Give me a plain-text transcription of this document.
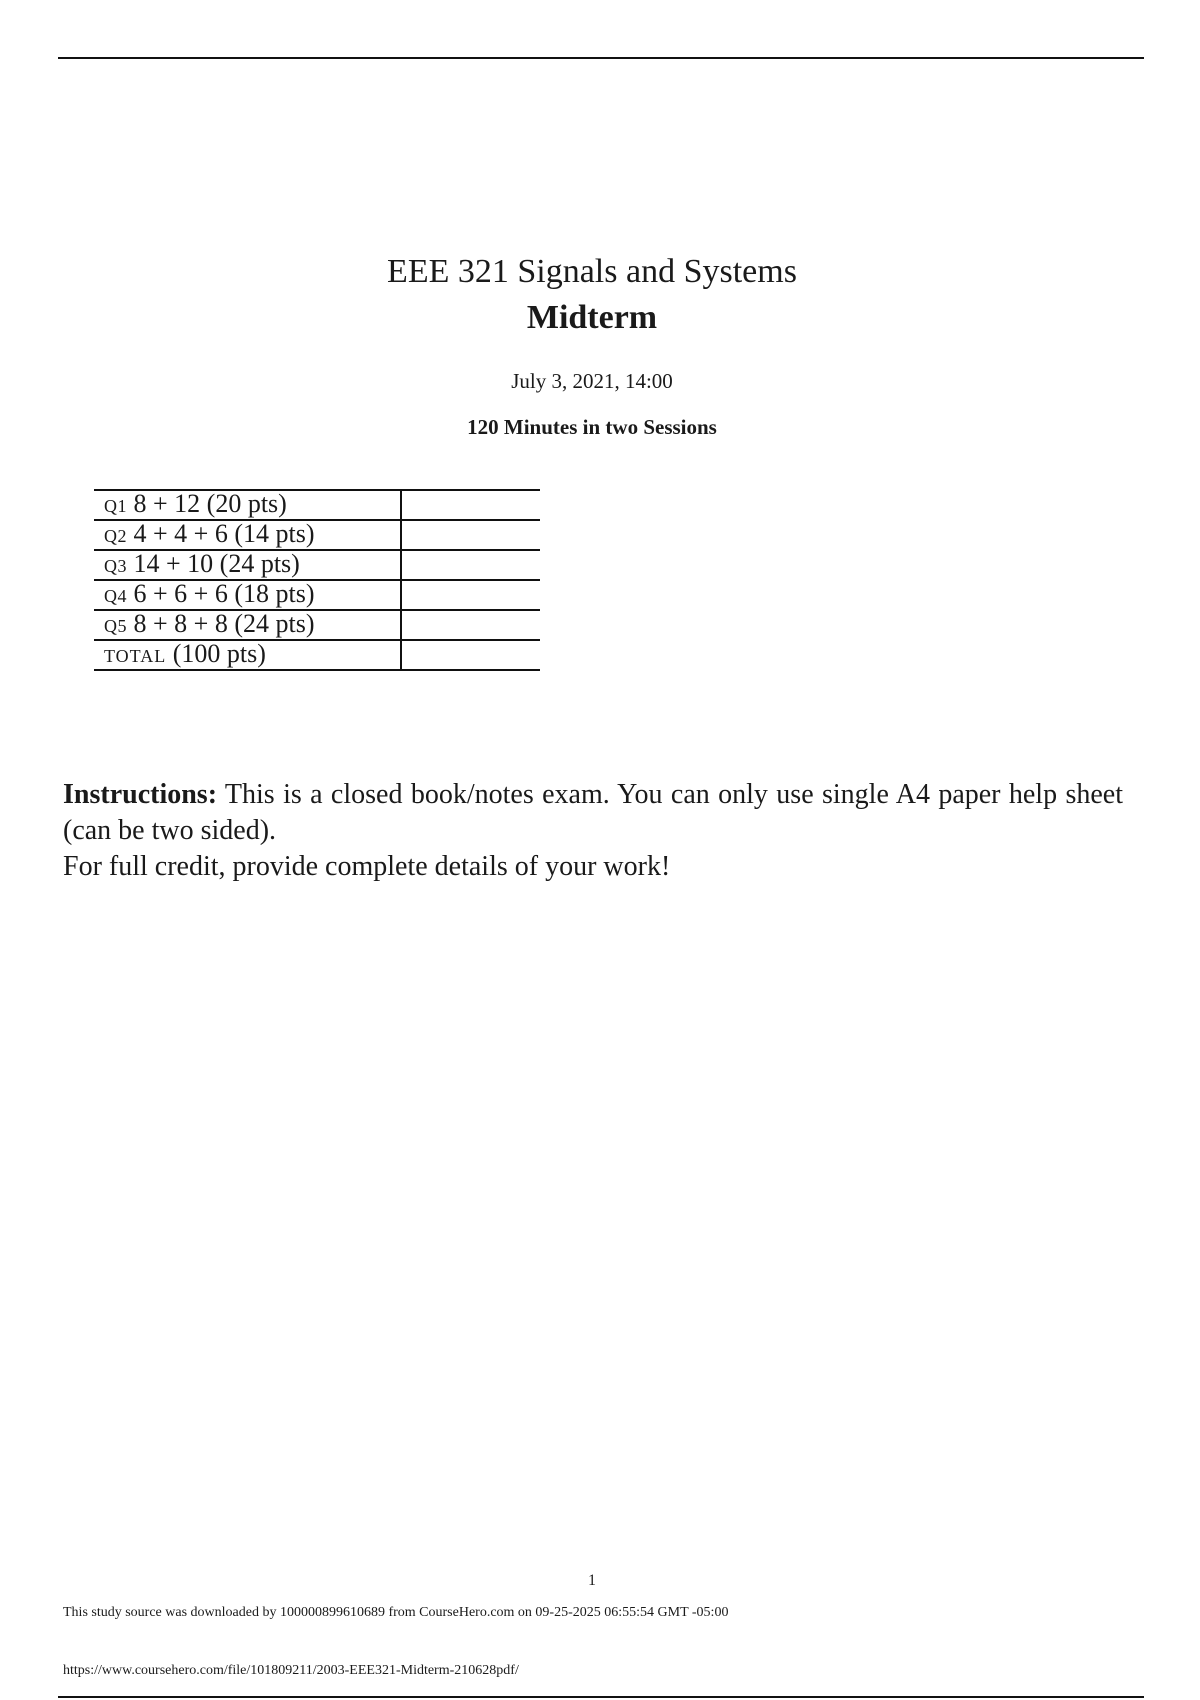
EEE 321 Signals and Systems
Midterm
July 3, 2021, 14:00
120 Minutes in two Sessions
Q1 8 + 12 (20 pts)	
Q2 4 + 4 + 6 (14 pts)	
Q3 14 + 10 (24 pts)	
Q4 6 + 6 + 6 (18 pts)	
Q5 8 + 8 + 8 (24 pts)	
TOTAL (100 pts)	

Instructions: This is a closed book/notes exam. You can only use single A4 paper help sheet (can be two sided).

For full credit, provide complete details of your work!

1
This study source was downloaded by 100000899610689 from CourseHero.com on 09-25-2025 06:55:54 GMT -05:00
https://www.coursehero.com/file/101809211/2003-EEE321-Midterm-210628pdf/
